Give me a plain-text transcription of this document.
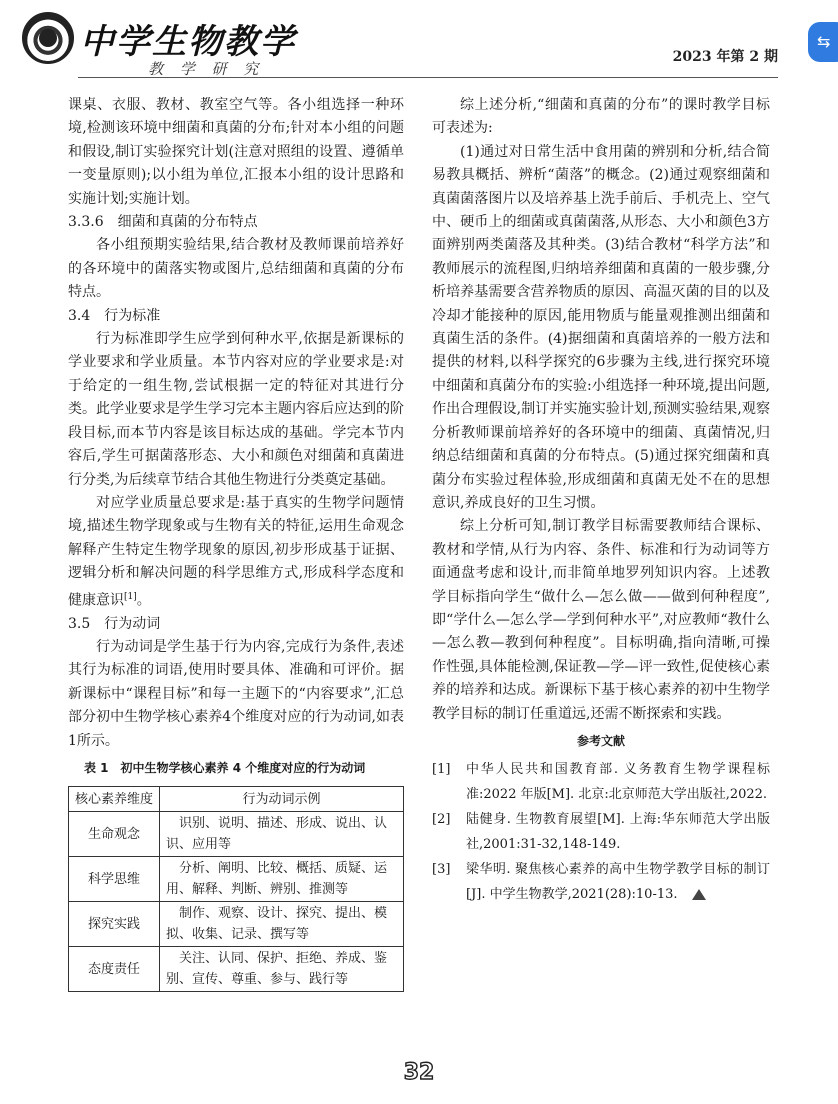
中学生物教学
教 学 研 究
2023 年第 2 期
⇆

课桌、衣服、教材、教室空气等。各小组选择一种环境,检测该环境中细菌和真菌的分布;针对本小组的问题和假设,制订实验探究计划(注意对照组的设置、遵循单一变量原则);以小组为单位,汇报本小组的设计思路和实施计划;实施计划。

3.3.6　细菌和真菌的分布特点

各小组预期实验结果,结合教材及教师课前培养好的各环境中的菌落实物或图片,总结细菌和真菌的分布特点。

3.4　行为标准

行为标准即学生应学到何种水平,依据是新课标的学业要求和学业质量。本节内容对应的学业要求是:对于给定的一组生物,尝试根据一定的特征对其进行分类。此学业要求是学生学习完本主题内容后应达到的阶段目标,而本节内容是该目标达成的基础。学完本节内容后,学生可据菌落形态、大小和颜色对细菌和真菌进行分类,为后续章节结合其他生物进行分类奠定基础。

对应学业质量总要求是:基于真实的生物学问题情境,描述生物学现象或与生物有关的特征,运用生命观念解释产生特定生物学现象的原因,初步形成基于证据、逻辑分析和解决问题的科学思维方式,形成科学态度和健康意识[1]。

3.5　行为动词

行为动词是学生基于行为内容,完成行为条件,表述其行为标准的词语,使用时要具体、准确和可评价。据新课标中“课程目标”和每一主题下的“内容要求”,汇总部分初中生物学核心素养4个维度对应的行为动词,如表1所示。

表 1　初中生物学核心素养 4 个维度对应的行为动词
核心素养维度	行为动词示例
生命观念	识别、说明、描述、形成、说出、认识、应用等
科学思维	分析、阐明、比较、概括、质疑、运用、解释、判断、辨别、推测等
探究实践	制作、观察、设计、探究、提出、模拟、收集、记录、撰写等
态度责任	关注、认同、保护、拒绝、养成、鉴别、宣传、尊重、参与、践行等

综上述分析,“细菌和真菌的分布”的课时教学目标可表述为:

(1)通过对日常生活中食用菌的辨别和分析,结合简易教具概括、辨析“菌落”的概念。(2)通过观察细菌和真菌菌落图片以及培养基上洗手前后、手机壳上、空气中、硬币上的细菌或真菌菌落,从形态、大小和颜色3方面辨别两类菌落及其种类。(3)结合教材“科学方法”和教师展示的流程图,归纳培养细菌和真菌的一般步骤,分析培养基需要含营养物质的原因、高温灭菌的目的以及冷却才能接种的原因,能用物质与能量观推测出细菌和真菌生活的条件。(4)据细菌和真菌培养的一般方法和提供的材料,以科学探究的6步骤为主线,进行探究环境中细菌和真菌分布的实验:小组选择一种环境,提出问题,作出合理假设,制订并实施实验计划,预测实验结果,观察分析教师课前培养好的各环境中的细菌、真菌情况,归纳总结细菌和真菌的分布特点。(5)通过探究细菌和真菌分布实验过程体验,形成细菌和真菌无处不在的思想意识,养成良好的卫生习惯。

综上分析可知,制订教学目标需要教师结合课标、教材和学情,从行为内容、条件、标准和行为动词等方面通盘考虑和设计,而非简单地罗列知识内容。上述教学目标指向学生“做什么—怎么做——做到何种程度”,即“学什么—怎么学—学到何种水平”,对应教师“教什么—怎么教—教到何种程度”。目标明确,指向清晰,可操作性强,具体能检测,保证教—学—评一致性,促使核心素养的培养和达成。新课标下基于核心素养的初中生物学教学目标的制订任重道远,还需不断探索和实践。

参考文献
[1]	中华人民共和国教育部. 义务教育生物学课程标准:2022 年版[M]. 北京:北京师范大学出版社,2022.
[2]	陆健身. 生物教育展望[M]. 上海:华东师范大学出版社,2001:31-32,148-149.
[3]	梁华明. 聚焦核心素养的高中生物学教学目标的制订[J]. 中学生物教学,2021(28):10-13.
32
